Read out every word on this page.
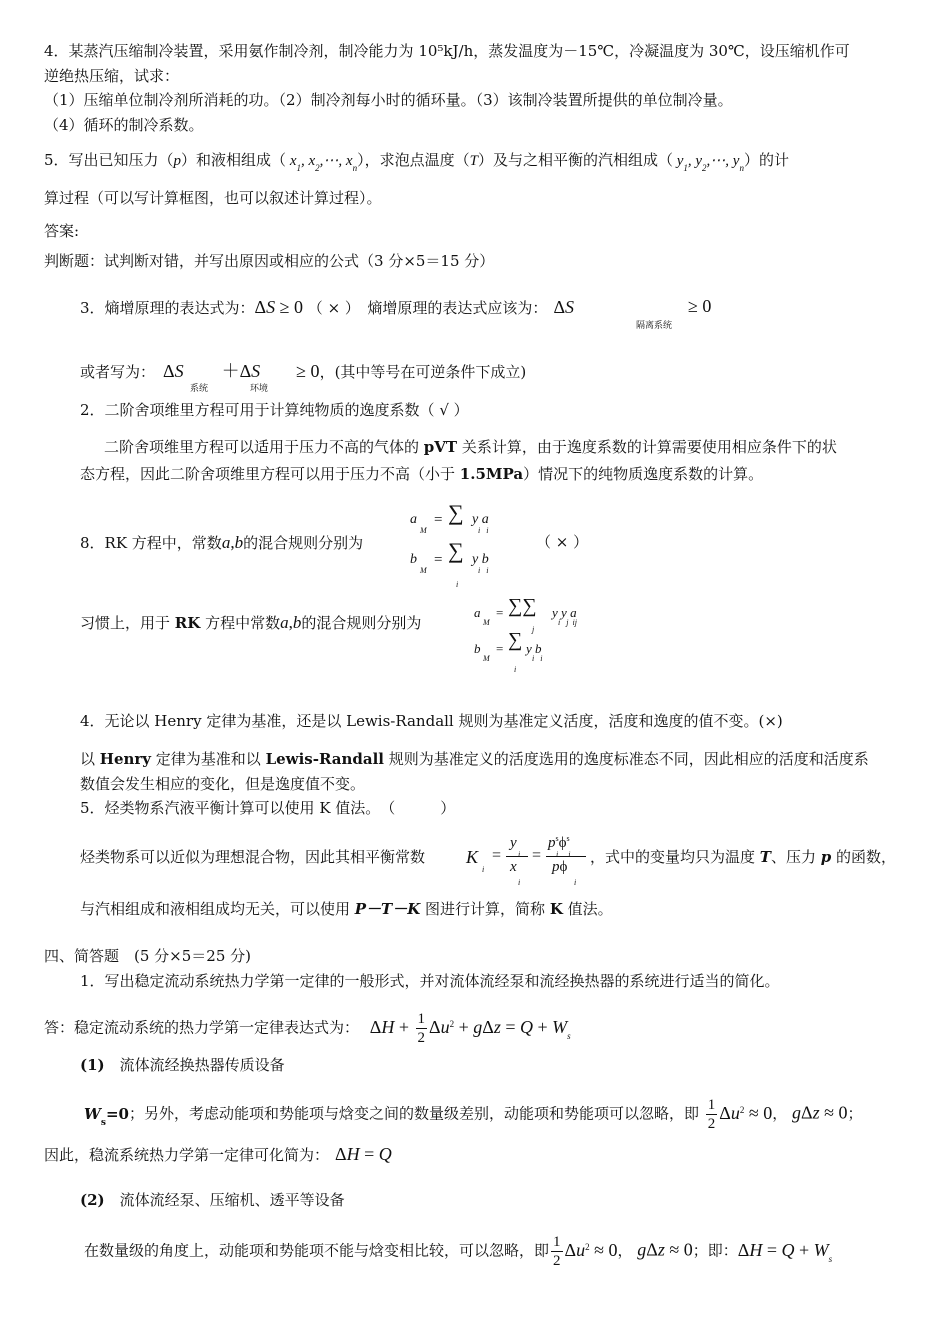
4．某蒸汽压缩制冷装置，采用氨作制冷剂，制冷能力为 10⁵kJ/h，蒸发温度为－15℃，冷凝温度为 30℃，设压缩机作可
逆绝热压缩，试求：
（1）压缩单位制冷剂所消耗的功。（2）制冷剂每小时的循环量。（3）该制冷装置所提供的单位制冷量。
（4）循环的制冷系数。
5．写出已知压力（p）和液相组成（ $x_1$, $x_2,\cdots$, $x_n$），求泡点温度（T）及与之相平衡的汽相组成（ $y_1$, $y_2,\cdots$, $y_n$）的计
算过程（可以写计算框图，也可以叙述计算过程）。
答案:
判断题：试判断对错，并写出原因或相应的公式（3 分×5＝15 分）
3．熵增原理的表达式为：ΔS ≥ 0 （ × ）　 熵增原理的表达式应该为： ΔS
隔离系统
≥ 0
或者写为： ΔS ＋ΔS ≥ 0，(其中等号在可逆条件下成立)
系统	环境
2．二阶舍项维里方程可用于计算纯物质的逸度系数（ √ ）
二阶舍项维里方程可以适用于压力不高的气体的 pVT 关系计算，由于逸度系数的计算需要使用相应条件下的状
态方程，因此二阶舍项维里方程可以用于压力不高（小于 1.5MPa）情况下的纯物质逸度系数的计算。
8．RK 方程中，常数a,b的混合规则分别为
a
M
= ∑ y a
i i
b
M
= ∑ y b
i i
i
（ × ）
习惯上，用于 RK 方程中常数a,b的混合规则分别为
a
M
= ∑∑ y y a
i j ij
j
b
M
= ∑ y b
i i
i
4．无论以 Henry 定律为基准，还是以 Lewis-Randall 规则为基准定义活度，活度和逸度的值不变。(×)
以 Henry 定律为基准和以 Lewis-Randall 规则为基准定义的活度选用的逸度标准态不同，因此相应的活度和活度系
数值会发生相应的变化，但是逸度值不变。
5．烃类物系汽液平衡计算可以使用 K 值法。　（　　　）
烃类物系可以近似为理想混合物，因此其相平衡常数 K
i
=
y
i
x
i
=
$p^s\phi^s$
i i
pϕ
i
，式中的变量均只为温度 T、压力 p 的函数，
与汽相组成和液相组成均无关，可以使用 P－T－K 图进行计算，简称 K 值法。
四、简答题　(5 分×5＝25 分)
1．写出稳定流动系统热力学第一定律的一般形式，并对流体流经泵和流经换热器的系统进行适当的简化。
答：稳定流动系统的热力学第一定律表达式为： $\Delta H + \frac{1}{2} \Delta u^2 + g\Delta z = Q + W_s$
(1)　 流体流经换热器传质设备
$W_s=0$；另外，考虑动能项和势能项与焓变之间的数量级差别，动能项和势能项可以忽略，即 $\frac{1}{2} \Delta u^2 \approx 0$， gΔz ≈ 0；
因此，稳流系统热力学第一定律可化简为： ΔH = Q
(2)　 流体流经泵、压缩机、透平等设备
在数量级的角度上，动能项和势能项不能与焓变相比较，可以忽略，即 $\frac{1}{2} \Delta u^2 \approx 0$， gΔz ≈ 0；即：$\Delta H = Q + W_s$
